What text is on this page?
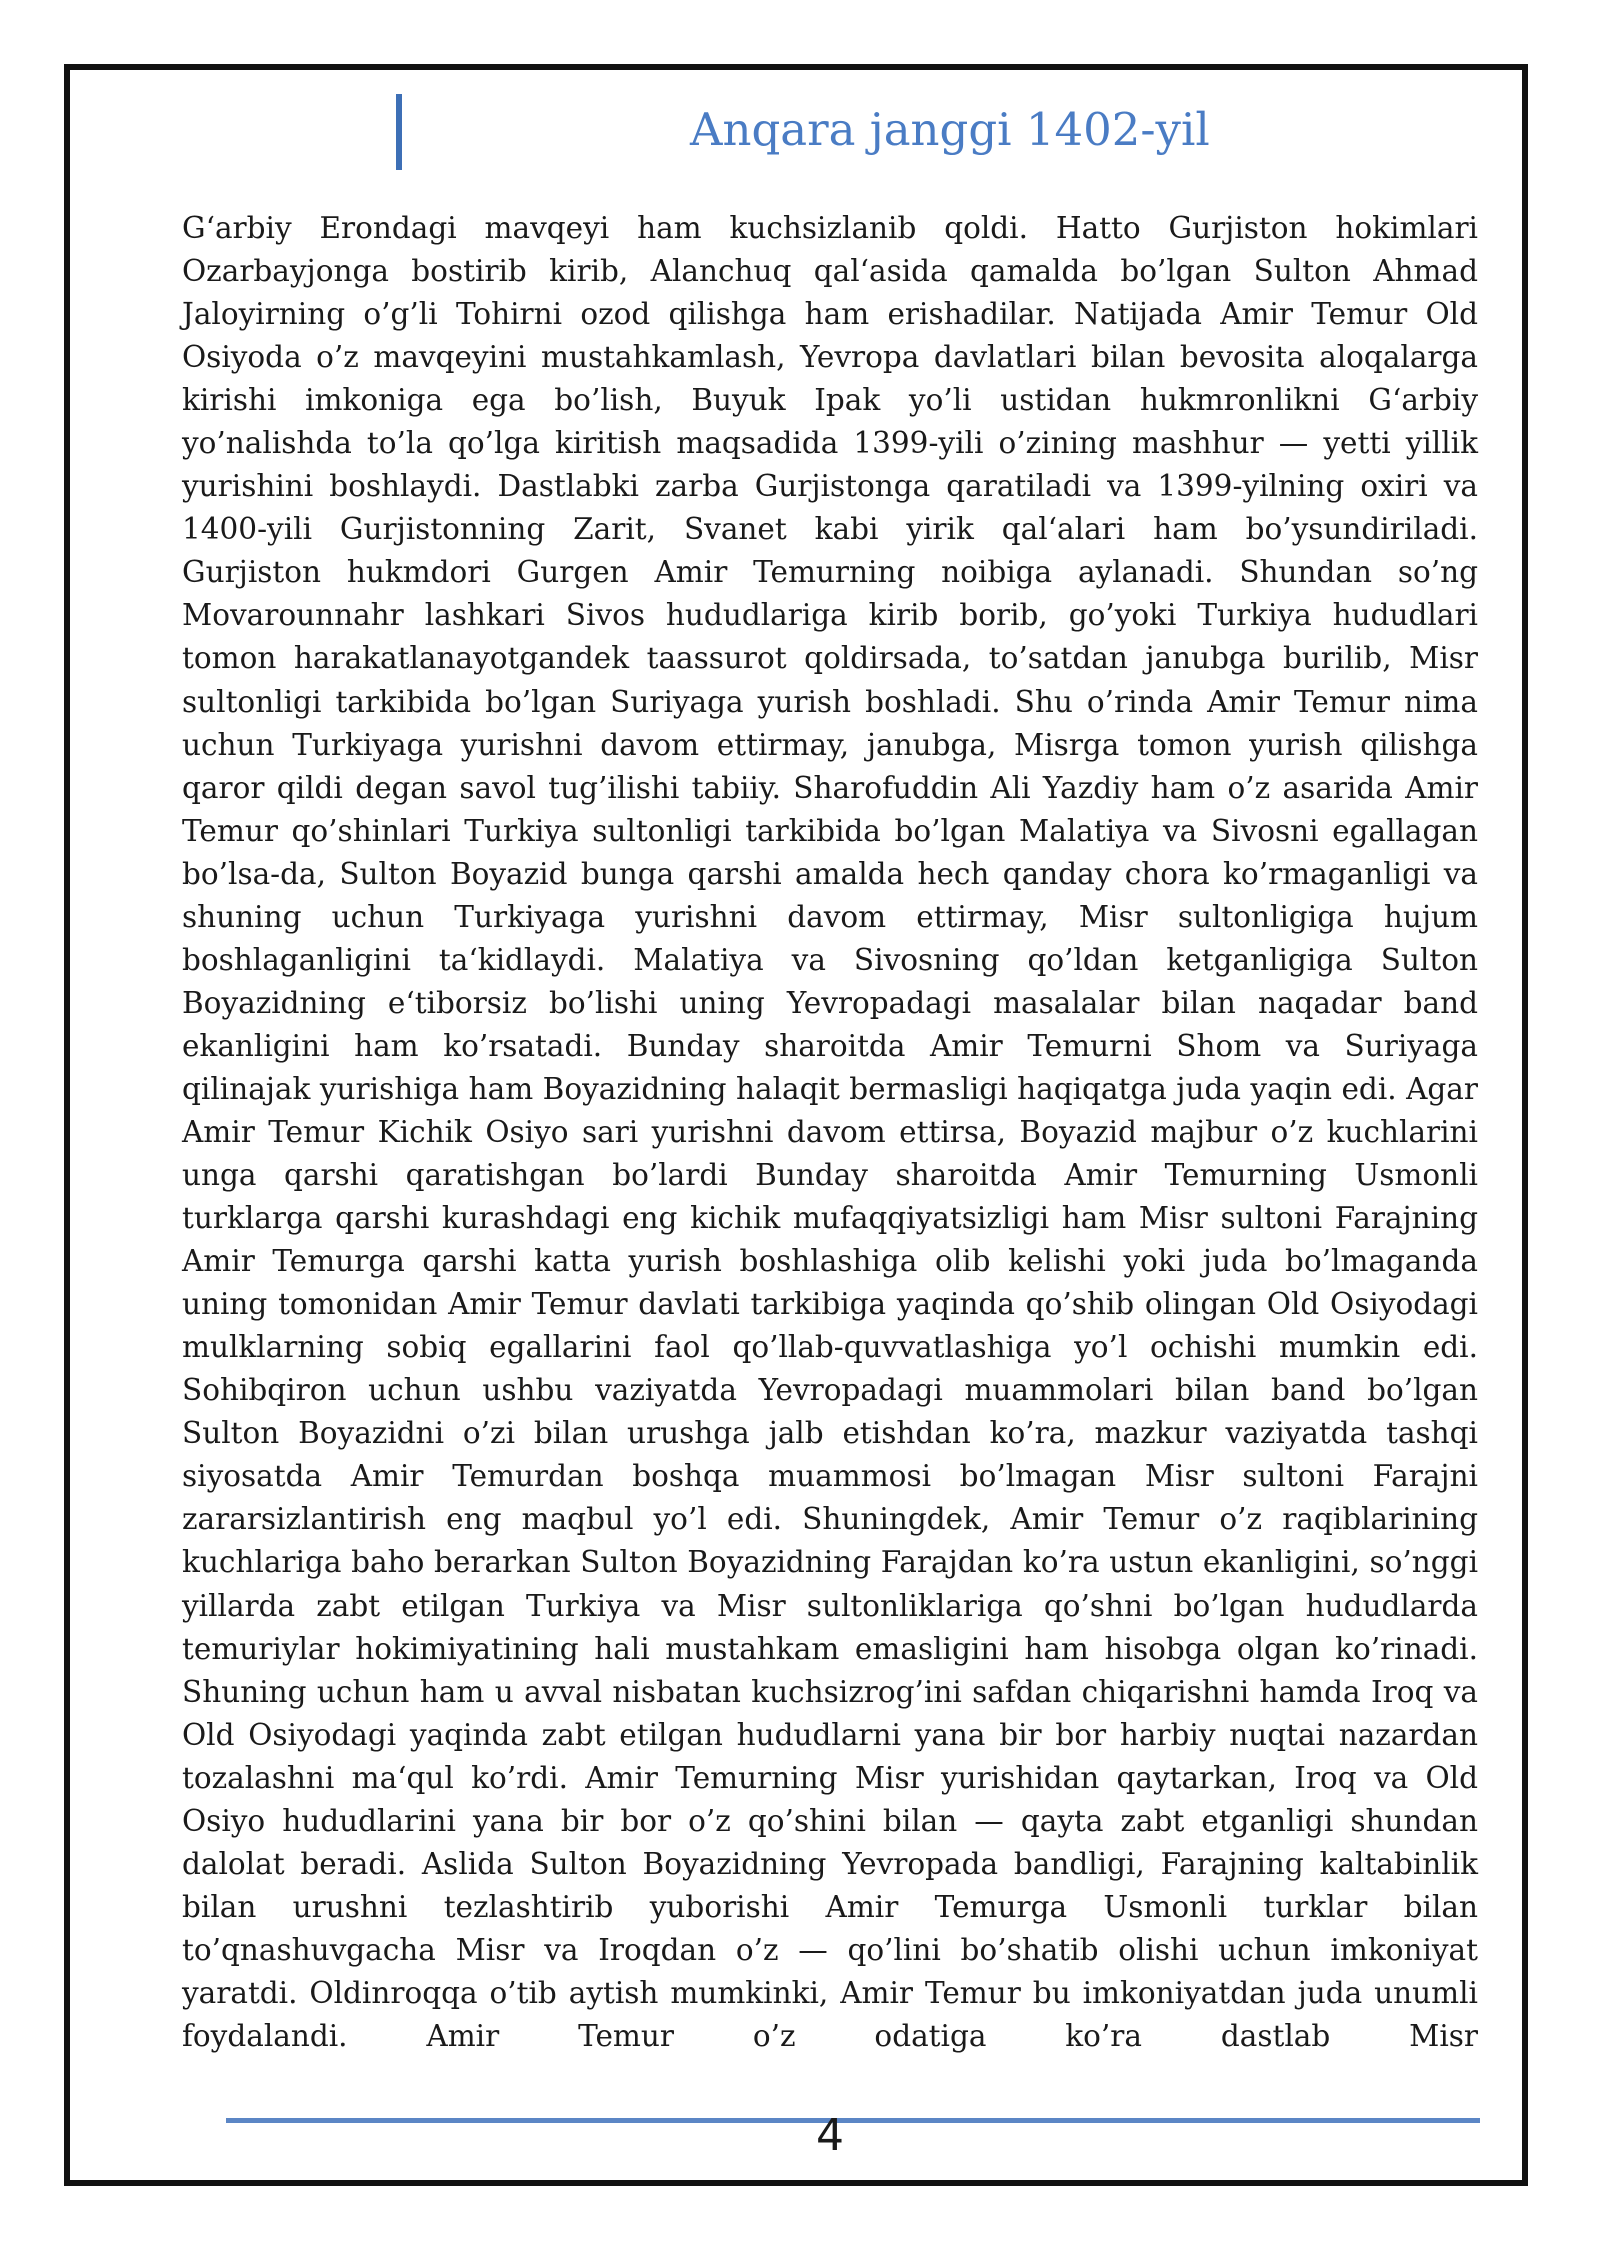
Anqara janggi 1402-yil

G‘arbiy Erondagi mavqeyi ham kuchsizlanib qoldi. Hatto Gurjiston hokimlari Ozarbayjonga bostirib kirib, Alanchuq qal‘asida qamalda bo’lgan Sulton Ahmad Jaloyirning o’g’li Tohirni ozod qilishga ham erishadilar. Natijada Amir Temur Old Osiyoda o’z mavqeyini mustahkamlash, Yevropa davlatlari bilan bevosita aloqalarga kirishi imkoniga ega bo’lish, Buyuk Ipak yo’li ustidan hukmronlikni G‘arbiy yo’nalishda to’la qo’lga kiritish maqsadida 1399-yili o’zining mashhur — yetti yillik yurishini boshlaydi. Dastlabki zarba Gurjistonga qaratiladi va 1399-yilning oxiri va 1400-yili Gurjistonning Zarit, Svanet kabi yirik qal‘alari ham bo’ysundiriladi. Gurjiston hukmdori Gurgen Amir Temurning noibiga aylanadi. Shundan so’ng Movarounnahr lashkari Sivos hududlariga kirib borib, go’yoki Turkiya hududlari tomon harakatlanayotgandek taassurot qoldirsada, to’satdan janubga burilib, Misr sultonligi tarkibida bo’lgan Suriyaga yurish boshladi. Shu o’rinda Amir Temur nima uchun Turkiyaga yurishni davom ettirmay, janubga, Misrga tomon yurish qilishga qaror qildi degan savol tug’ilishi tabiiy. Sharofuddin Ali Yazdiy ham o’z asarida Amir Temur qo’shinlari Turkiya sultonligi tarkibida bo’lgan Malatiya va Sivosni egallagan bo’lsa-da, Sulton Boyazid bunga qarshi amalda hech qanday chora ko’rmaganligi va shuning uchun Turkiyaga yurishni davom ettirmay, Misr sultonligiga hujum boshlaganligini ta‘kidlaydi. Malatiya va Sivosning qo’ldan ketganligiga Sulton Boyazidning e‘tiborsiz bo’lishi uning Yevropadagi masalalar bilan naqadar band ekanligini ham ko’rsatadi. Bunday sharoitda Amir Temurni Shom va Suriyaga qilinajak yurishiga ham Boyazidning halaqit bermasligi haqiqatga juda yaqin edi. Agar Amir Temur Kichik Osiyo sari yurishni davom ettirsa, Boyazid majbur o’z kuchlarini unga qarshi qaratishgan bo’lardi Bunday sharoitda Amir Temurning Usmonli turklarga qarshi kurashdagi eng kichik mufaqqiyatsizligi ham Misr sultoni Farajning Amir Temurga qarshi katta yurish boshlashiga olib kelishi yoki juda bo’lmaganda uning tomonidan Amir Temur davlati tarkibiga yaqinda qo’shib olingan Old Osiyodagi mulklarning sobiq egallarini faol qo’llab-quvvatlashiga yo’l ochishi mumkin edi. Sohibqiron uchun ushbu vaziyatda Yevropadagi muammolari bilan band bo’lgan Sulton Boyazidni o’zi bilan urushga jalb etishdan ko’ra, mazkur vaziyatda tashqi siyosatda Amir Temurdan boshqa muammosi bo’lmagan Misr sultoni Farajni zararsizlantirish eng maqbul yo’l edi. Shuningdek, Amir Temur o’z raqiblarining kuchlariga baho berarkan Sulton Boyazidning Farajdan ko’ra ustun ekanligini, so’nggi yillarda zabt etilgan Turkiya va Misr sultonliklariga qo’shni bo’lgan hududlarda temuriylar hokimiyatining hali mustahkam emasligini ham hisobga olgan ko’rinadi. Shuning uchun ham u avval nisbatan kuchsizrog’ini safdan chiqarishni hamda Iroq va Old Osiyodagi yaqinda zabt etilgan hududlarni yana bir bor harbiy nuqtai nazardan tozalashni ma‘qul ko’rdi. Amir Temurning Misr yurishidan qaytarkan, Iroq va Old Osiyo hududlarini yana bir bor o’z qo’shini bilan — qayta zabt etganligi shundan dalolat beradi. Aslida Sulton Boyazidning Yevropada bandligi, Farajning kaltabinlik bilan urushni tezlashtirib yuborishi Amir Temurga Usmonli turklar bilan to’qnashuvgacha Misr va Iroqdan o’z — qo’lini bo’shatib olishi uchun imkoniyat yaratdi. Oldinroqqa o’tib aytish mumkinki, Amir Temur bu imkoniyatdan juda unumli foydalandi. Amir Temur o’z odatiga ko’ra dastlab Misr

4
